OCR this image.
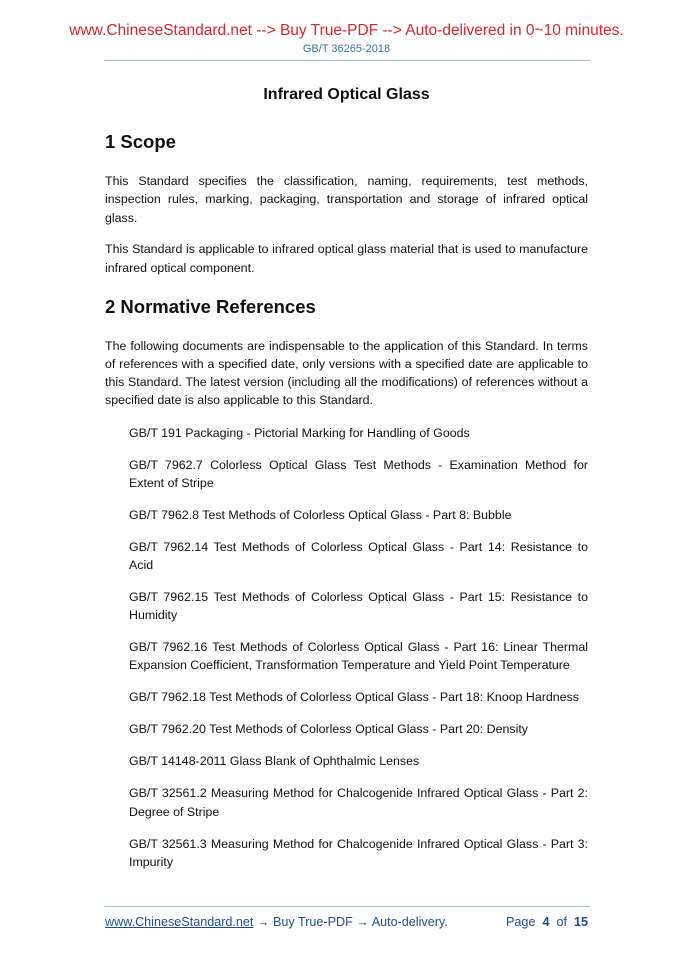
www.ChineseStandard.net --> Buy True-PDF --> Auto-delivered in 0~10 minutes.
GB/T 36265-2018
Infrared Optical Glass
1 Scope

This Standard specifies the classification, naming, requirements, test methods, inspection rules, marking, packaging, transportation and storage of infrared optical glass.

This Standard is applicable to infrared optical glass material that is used to manufacture infrared optical component.

2 Normative References

The following documents are indispensable to the application of this Standard. In terms of references with a specified date, only versions with a specified date are applicable to this Standard. The latest version (including all the modifications) of references without a specified date is also applicable to this Standard.

GB/T 191 Packaging - Pictorial Marking for Handling of Goods
GB/T 7962.7 Colorless Optical Glass Test Methods - Examination Method for Extent of Stripe
GB/T 7962.8 Test Methods of Colorless Optical Glass - Part 8: Bubble
GB/T 7962.14 Test Methods of Colorless Optical Glass - Part 14: Resistance to Acid
GB/T 7962.15 Test Methods of Colorless Optical Glass - Part 15: Resistance to Humidity
GB/T 7962.16 Test Methods of Colorless Optical Glass - Part 16: Linear Thermal Expansion Coefficient, Transformation Temperature and Yield Point Temperature
GB/T 7962.18 Test Methods of Colorless Optical Glass - Part 18: Knoop Hardness
GB/T 7962.20 Test Methods of Colorless Optical Glass - Part 20: Density
GB/T 14148-2011 Glass Blank of Ophthalmic Lenses
GB/T 32561.2 Measuring Method for Chalcogenide Infrared Optical Glass - Part 2: Degree of Stripe
GB/T 32561.3 Measuring Method for Chalcogenide Infrared Optical Glass - Part 3: Impurity
www.ChineseStandard.net → Buy True-PDF → Auto-delivery.	Page 4 of 15
